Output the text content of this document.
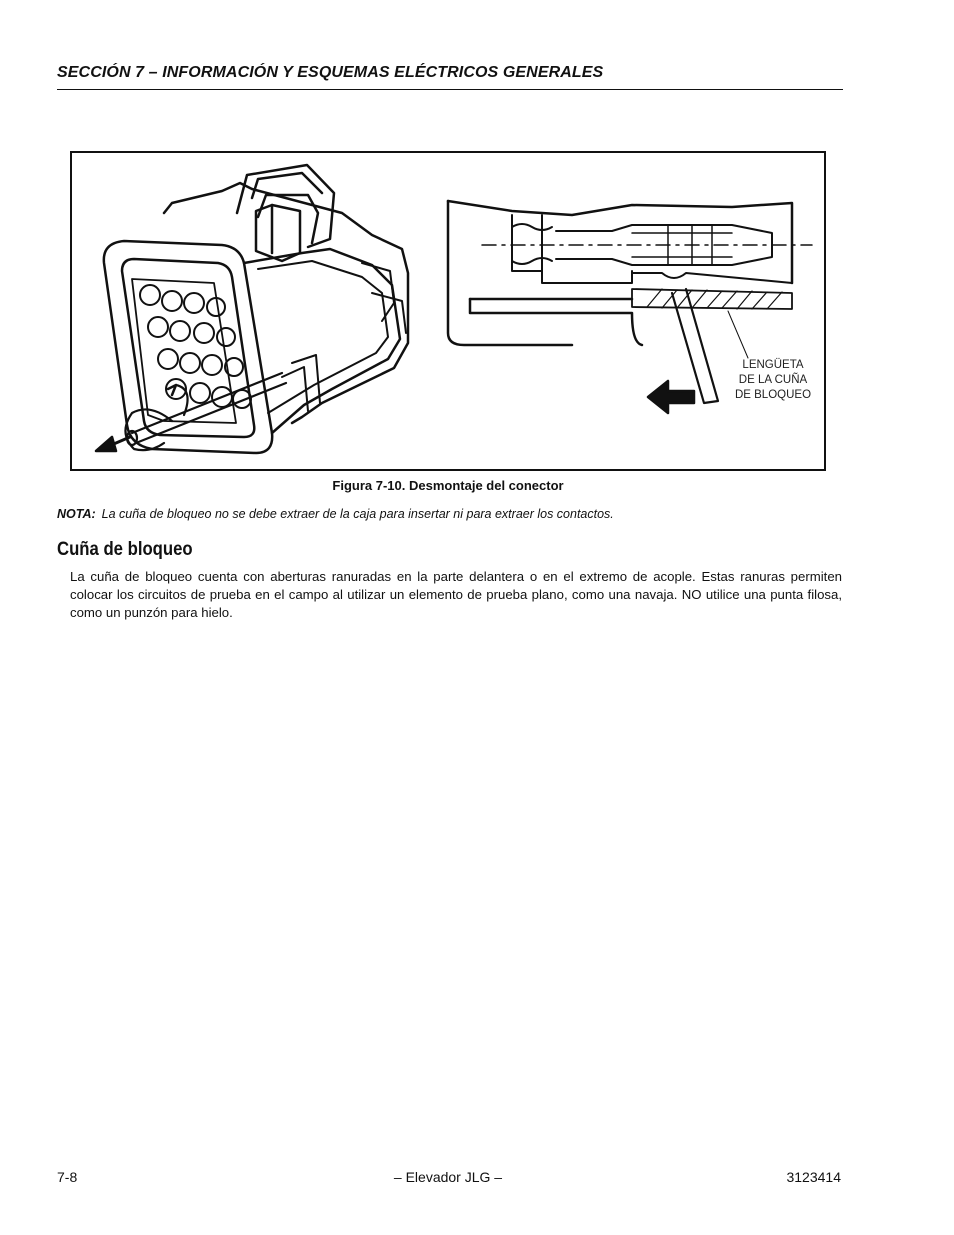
SECCIÓN 7 – INFORMACIÓN Y ESQUEMAS ELÉCTRICOS GENERALES
LENGÜETA
DE LA CUÑA
DE BLOQUEO
Figura 7-10. Desmontaje del conector
NOTA: La cuña de bloqueo no se debe extraer de la caja para insertar ni para extraer los contactos.
Cuña de bloqueo
La cuña de bloqueo cuenta con aberturas ranuradas en la parte delantera o en el extremo de acople. Estas ranuras permiten colocar los circuitos de prueba en el campo al utilizar un elemento de prueba plano, como una navaja. NO utilice una punta filosa, como un punzón para hielo.
7-8	– Elevador JLG –	3123414
